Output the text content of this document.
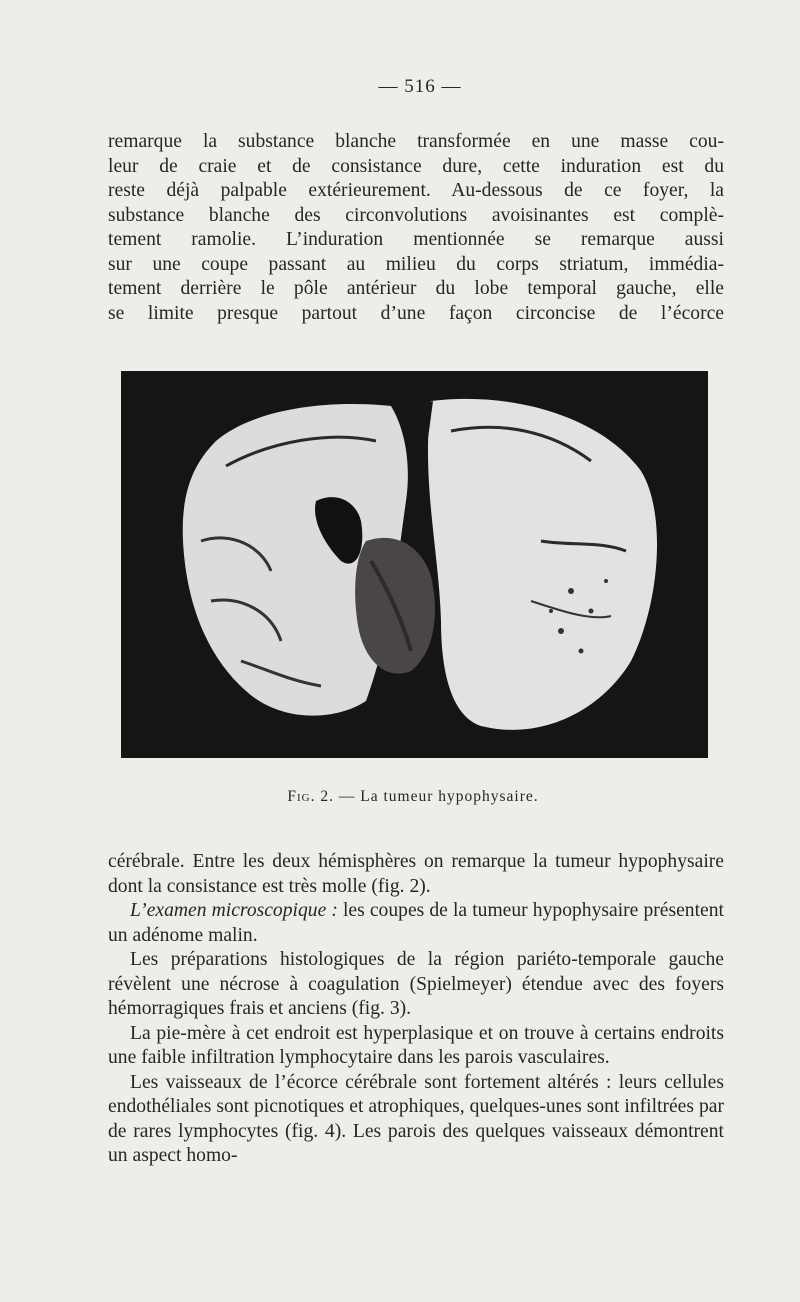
— 516 —

remarque la substance blanche transformée en une masse cou-

leur de craie et de consistance dure, cette induration est du

reste déjà palpable extérieurement. Au-dessous de ce foyer, la

substance blanche des circonvolutions avoisinantes est complè-

tement ramolie. L’induration mentionnée se remarque aussi

sur une coupe passant au milieu du corps striatum, immédia-

tement derrière le pôle antérieur du lobe temporal gauche, elle

se limite presque partout d’une façon circoncise de l’écorce

Fig. 2. — La tumeur hypophysaire.

cérébrale. Entre les deux hémisphères on remarque la tumeur hypophysaire dont la consistance est très molle (fig. 2).

L’examen microscopique : les coupes de la tumeur hypophysaire présentent un adénome malin.

Les préparations histologiques de la région pariéto-temporale gauche révèlent une nécrose à coagulation (Spielmeyer) étendue avec des foyers hémorragiques frais et anciens (fig. 3).

La pie-mère à cet endroit est hyperplasique et on trouve à certains endroits une faible infiltration lymphocytaire dans les parois vasculaires.

Les vaisseaux de l’écorce cérébrale sont fortement altérés : leurs cellules endothéliales sont picnotiques et atrophiques, quelques-unes sont infiltrées par de rares lymphocytes (fig. 4). Les parois des quelques vaisseaux démontrent un aspect homo-
